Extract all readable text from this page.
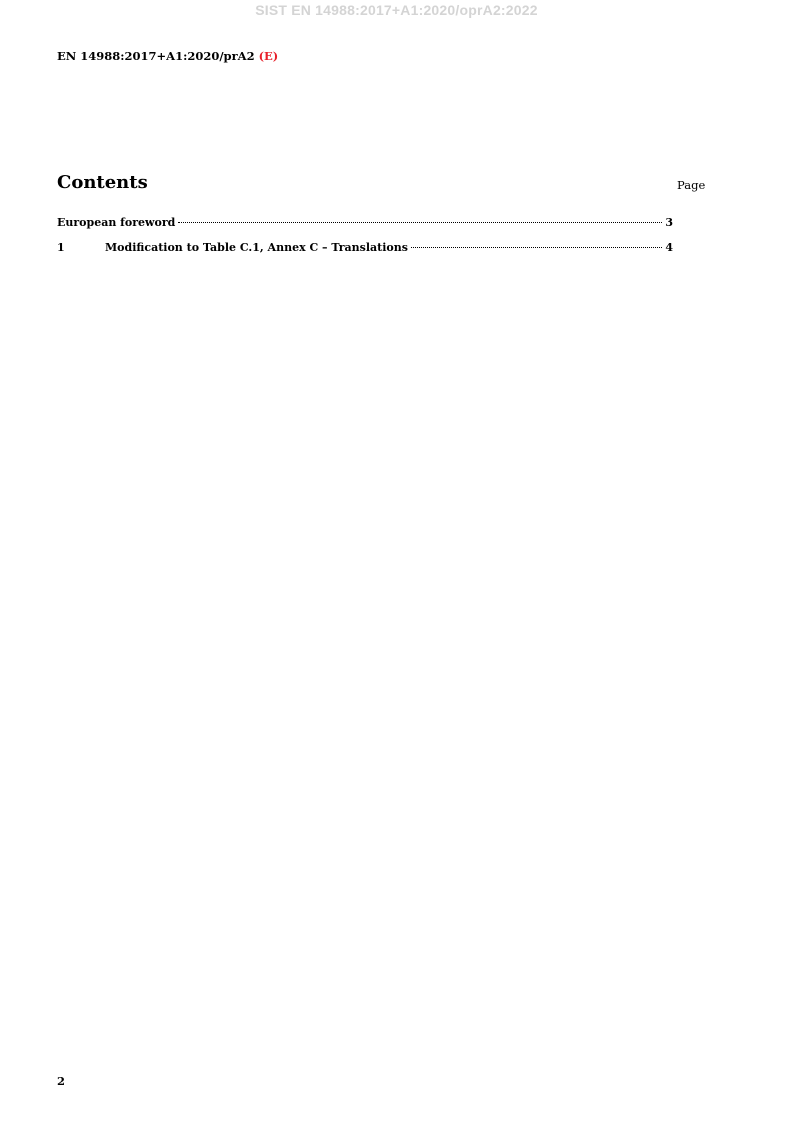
SIST EN 14988:2017+A1:2020/oprA2:2022
EN 14988:2017+A1:2020/prA2 (E)
Contents	Page
European foreword	3
1	Modification to Table C.1, Annex C – Translations	4
2
